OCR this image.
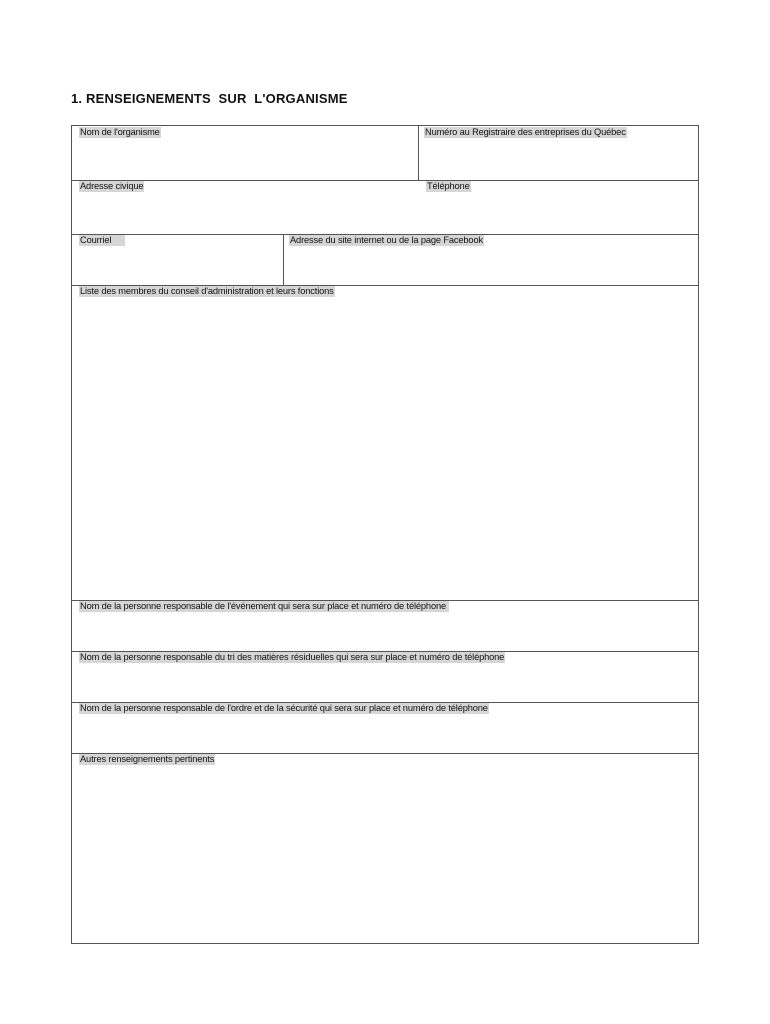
1. RENSEIGNEMENTS  SUR  L'ORGANISME
Nom de l'organisme	Numéro au Registraire des entreprises du Québec
Adresse civique	Téléphone
Courriel	Adresse du site internet ou de la page Facebook
Liste des membres du conseil d'administration et leurs fonctions
Nom de la personne responsable de l'événement qui sera sur place et numéro de téléphone
Nom de la personne responsable du tri des matières résiduelles qui sera sur place et numéro de téléphone
Nom de la personne responsable de l'ordre et de la sécurité qui sera sur place et numéro de téléphone
Autres renseignements pertinents
